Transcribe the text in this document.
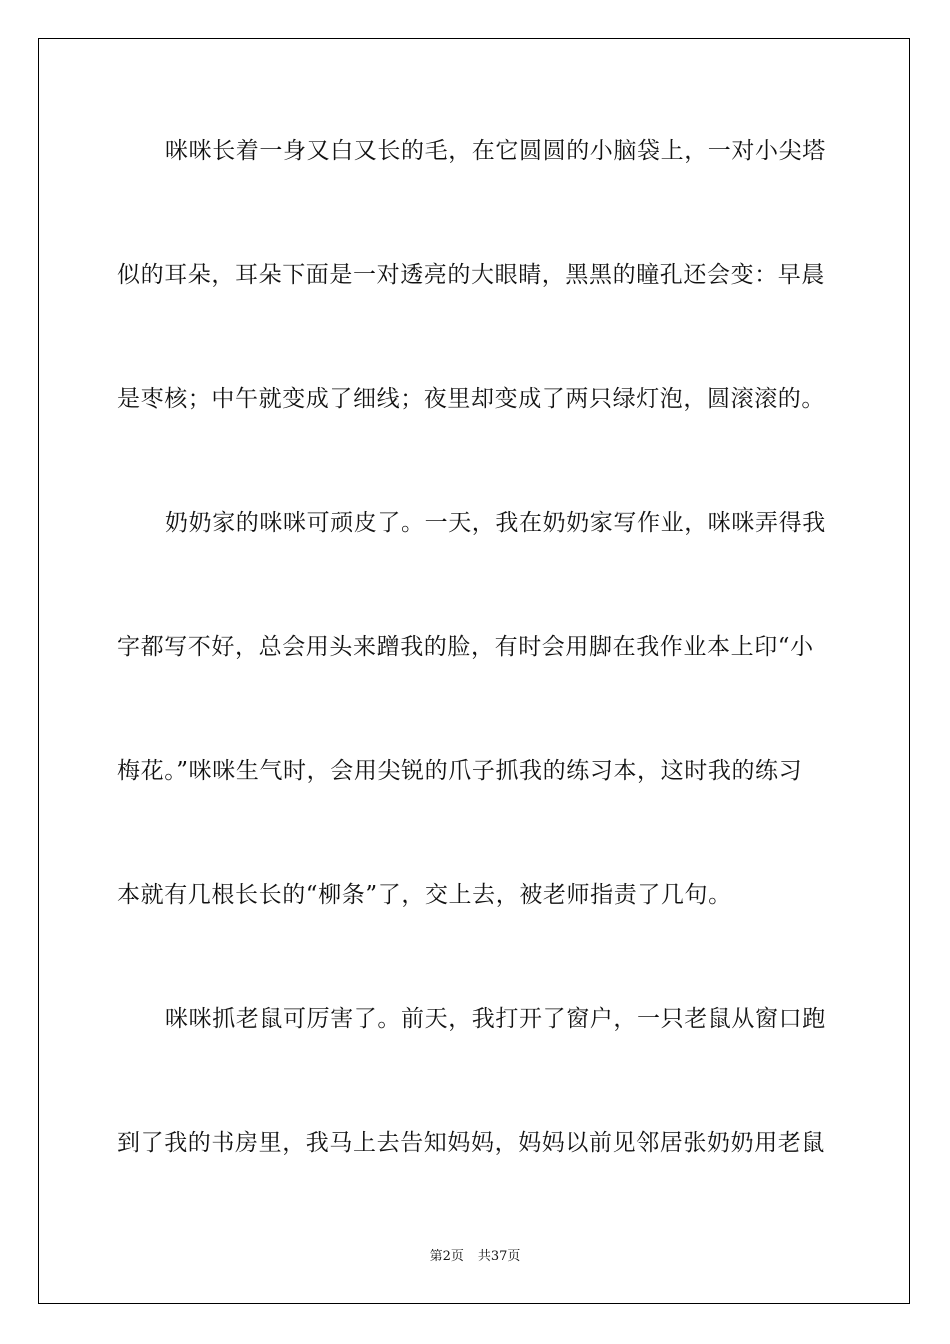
咪咪长着一身又白又长的毛，在它圆圆的小脑袋上，一对小尖塔
似的耳朵，耳朵下面是一对透亮的大眼睛，黑黑的瞳孔还会变：早晨
是枣核；中午就变成了细线；夜里却变成了两只绿灯泡，圆滚滚的。
奶奶家的咪咪可顽皮了。一天，我在奶奶家写作业，咪咪弄得我
字都写不好，总会用头来蹭我的脸，有时会用脚在我作业本上印“小
梅花。”咪咪生气时，会用尖锐的爪子抓我的练习本，这时我的练习
本就有几根长长的“柳条”了，交上去，被老师指责了几句。
咪咪抓老鼠可厉害了。前天，我打开了窗户，一只老鼠从窗口跑
到了我的书房里，我马上去告知妈妈，妈妈以前见邻居张奶奶用老鼠
第2页 共37页
